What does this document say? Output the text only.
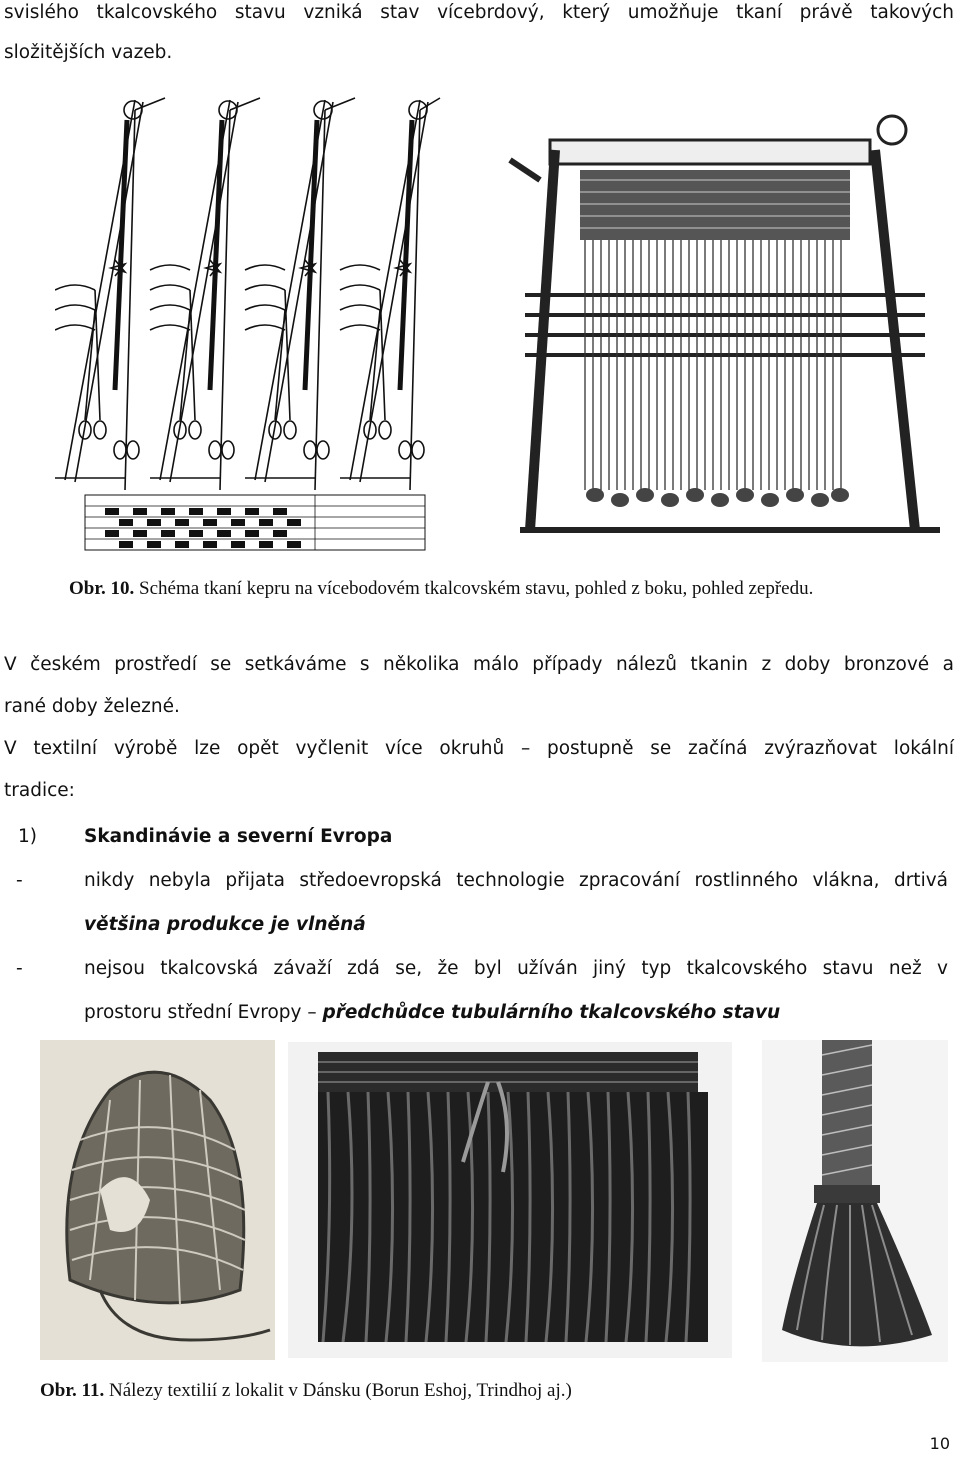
svislého tkalcovského stavu vzniká stav vícebrdový, který umožňuje tkaní právě takových
složitějších vazeb.
Obr. 10. Schéma tkaní kepru na vícebodovém tkalcovském stavu, pohled z boku, pohled zepředu.
V českém prostředí se setkáváme s několika málo případy nálezů tkanin z doby bronzové a
rané doby železné.
V textilní výrobě lze opět vyčlenit více okruhů – postupně se začíná zvýrazňovat lokální
tradice:
1)	Skandinávie a severní Evropa
-	nikdy nebyla přijata středoevropská technologie zpracování rostlinného vlákna, drtivá
většina produkce je vlněná
-	nejsou tkalcovská závaží zdá se, že byl užíván jiný typ tkalcovského stavu než v
prostoru střední Evropy – předchůdce tubulárního tkalcovského stavu
Obr. 11. Nálezy textilií z lokalit v Dánsku (Borun Eshoj, Trindhoj aj.)
10
